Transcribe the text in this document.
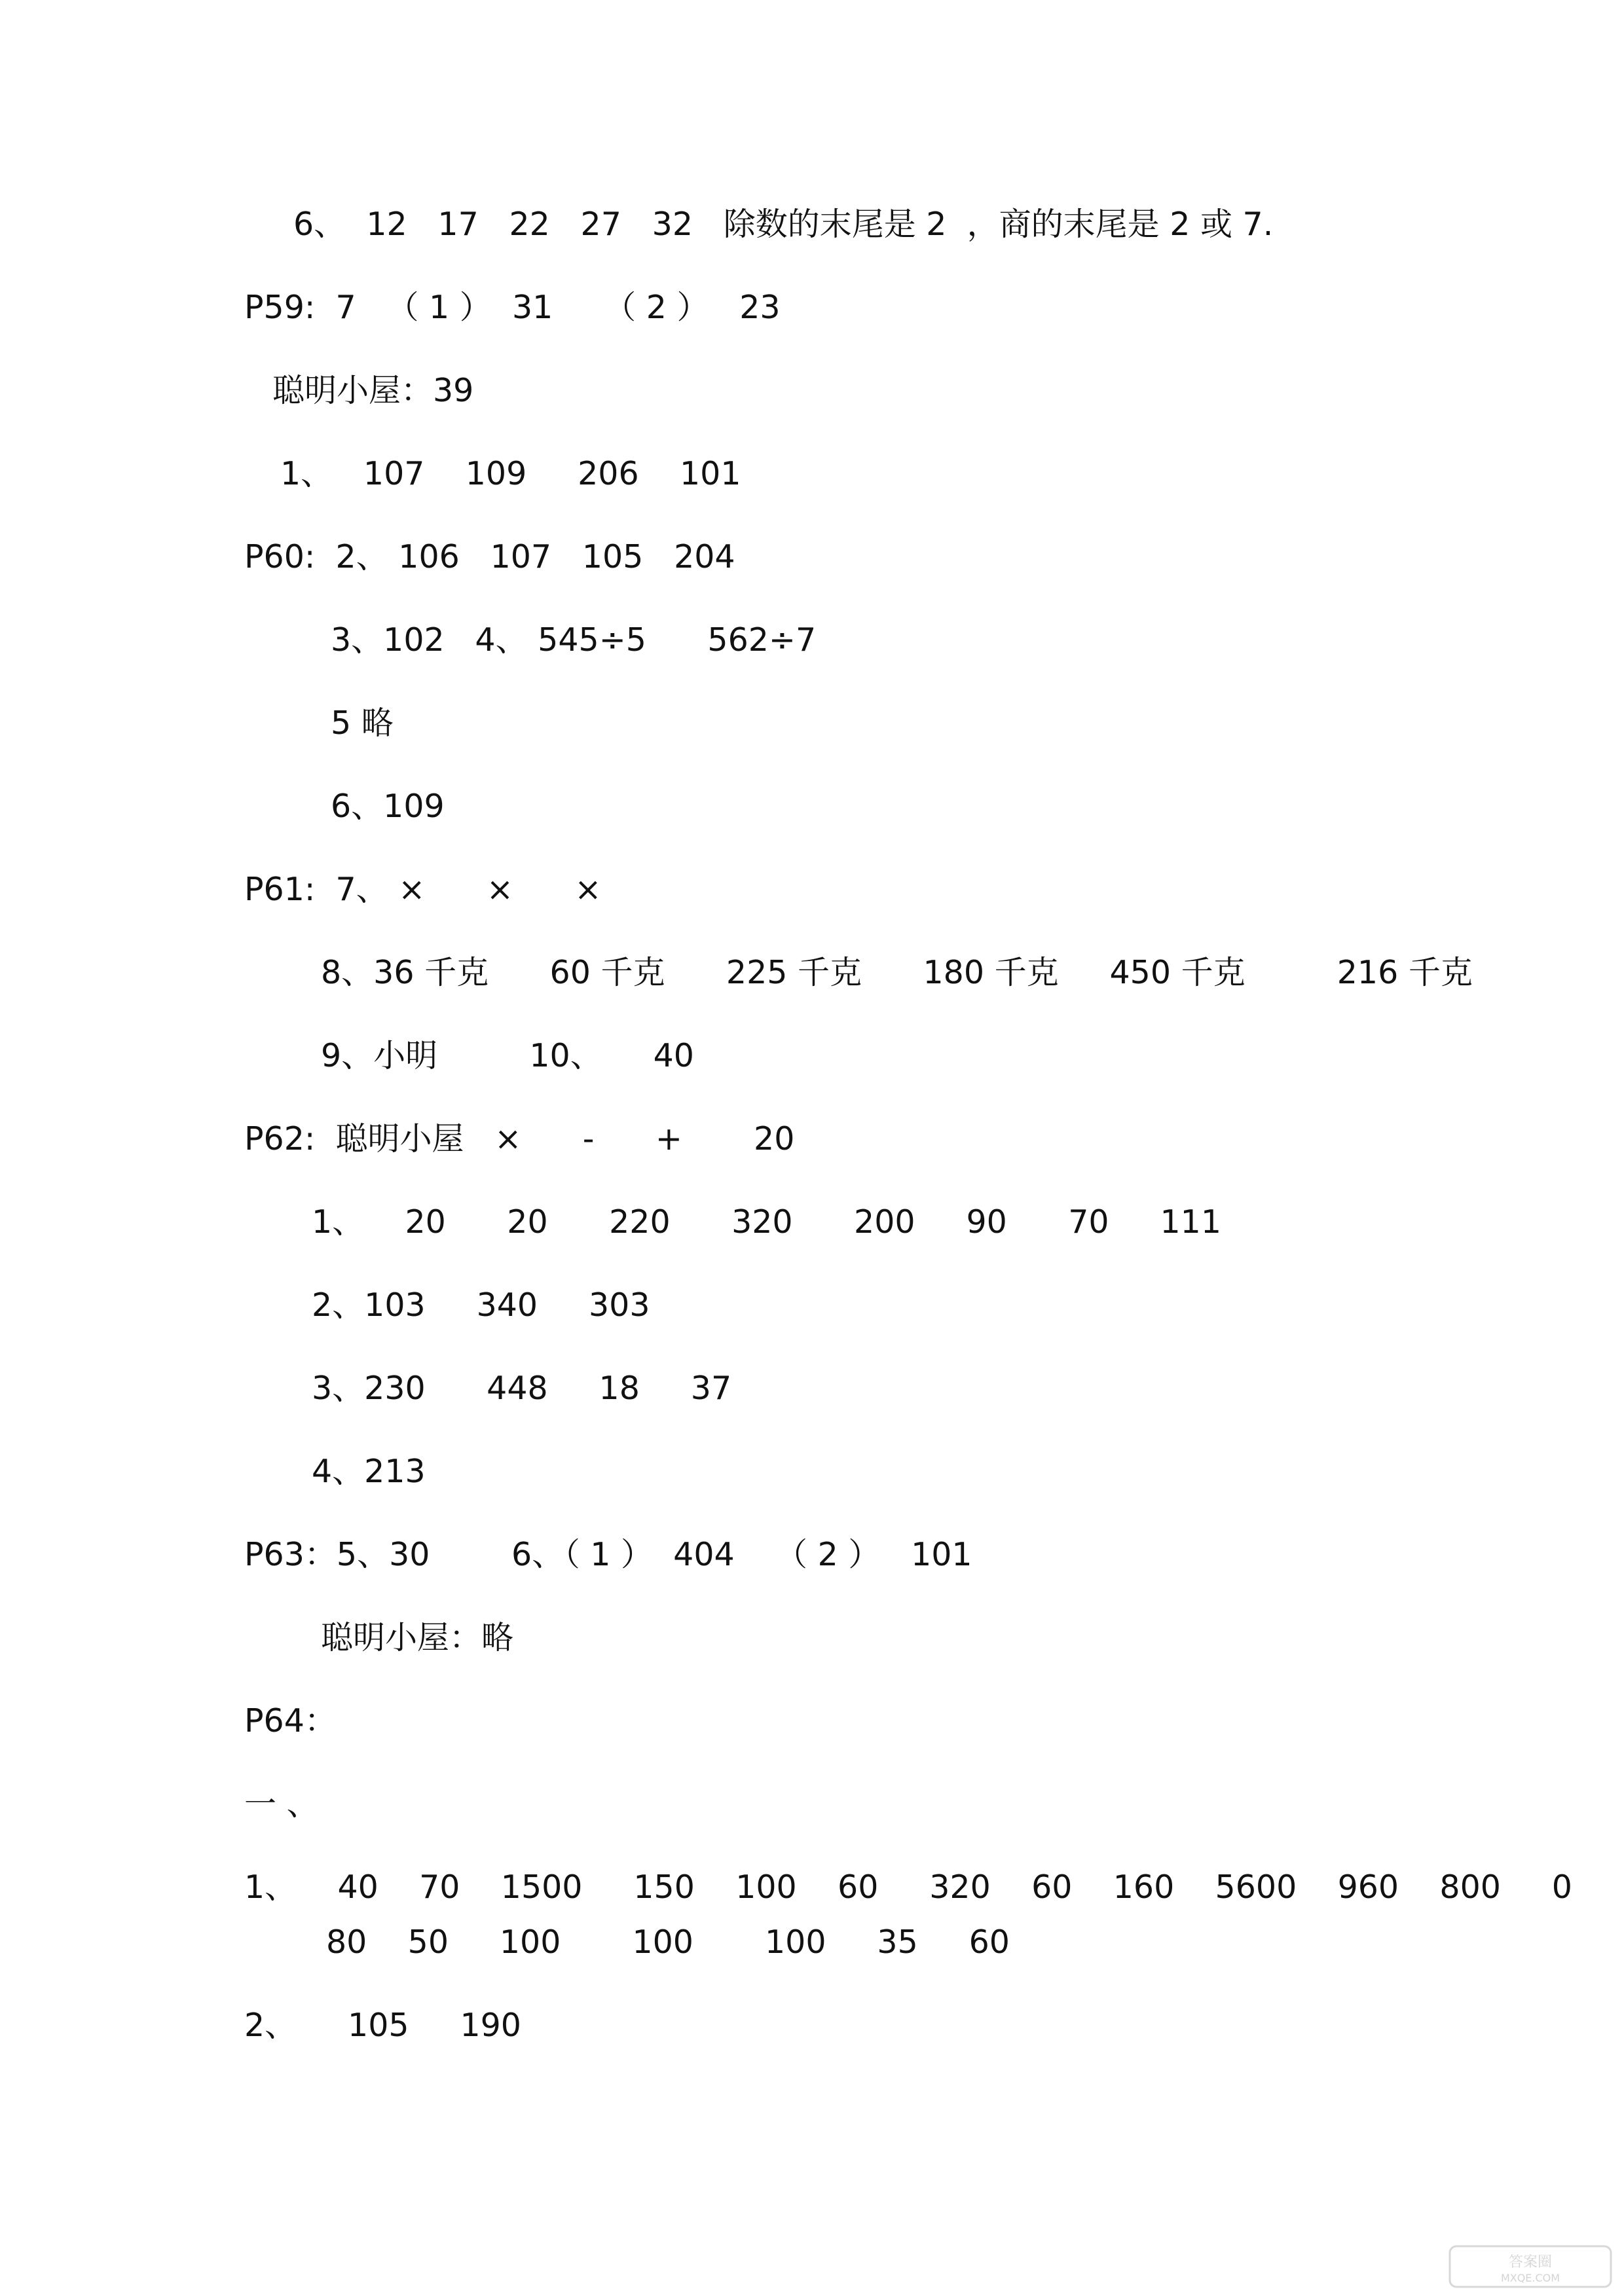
6、  12   17   22   27   32   除数的末尾是 2  ，商的末尾是 2 或 7.
P59:  7   （ 1 ）  31     （ 2 ）   23
聪明小屋：39
1、   107    109     206    101
P60:  2、 106   107   105   204
3、102   4、 545÷5      562÷7
5 略
6、109
P61:  7、 ×      ×      ×
8、36 千克      60 千克      225 千克      180 千克     450 千克         216 千克
9、小明         10、     40
P62:  聪明小屋   ×      -      +       20
1、    20      20      220      320      200     90      70     111
2、103     340     303
3、230      448     18     37
4、213
P63：5、30        6、（ 1 ）  404    （ 2 ）   101
聪明小屋：略
P64：
一 、
1、    40    70    1500     150    100    60     320    60    160    5600    960    800     0
80    50     100       100       100     35     60
2、     105     190
答案圈
MXQE.COM
